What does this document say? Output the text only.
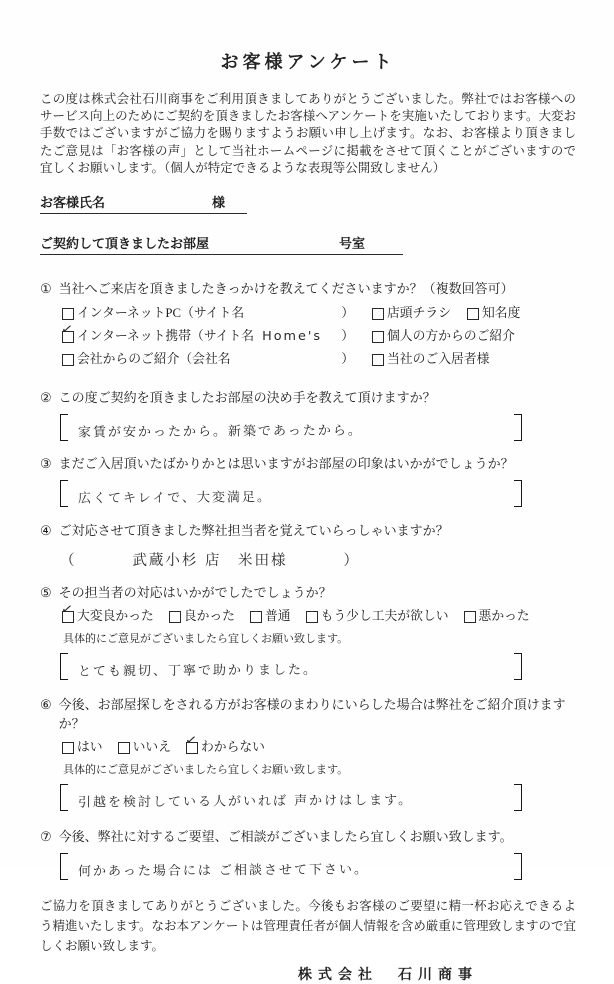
お客様アンケート

この度は株式会社石川商事をご利用頂きましてありがとうございました。弊社ではお客様へのサービス向上のためにご契約を頂きましたお客様へアンケートを実施いたしております。大変お手数ではございますがご協力を賜りますようお願い申し上げます。なお、お客様より頂きましたご意見は「お客様の声」として当社ホームページに掲載をさせて頂くことがございますので宜しくお願いします。（個人が特定できるような表現等公開致しません）

お客様氏名	様
ご契約して頂きましたお部屋	号室
① 当社へご来店を頂きましたきっかけを教えてくださいますか？（複数回答可）
インターネットPC（サイト名	）	店頭チラシ 知名度
✓ インターネット携帯（サイト名 Home's	）	個人の方からのご紹介
会社からのご紹介（会社名	）	当社のご入居者様
② この度ご契約を頂きましたお部屋の決め手を教えて頂けますか？
家賃が安かったから。新築であったから。
③ まだご入居頂いたばかりかとは思いますがお部屋の印象はいかがでしょうか？
広くてキレイで、大変満足。
④ ご対応させて頂きました弊社担当者を覚えていらっしゃいますか？
（	武蔵小杉 店　米田様	）
⑤ その担当者の対応はいかがでしたでしょうか？
✓ 大変良かった 良かった 普通 もう少し工夫が欲しい 悪かった
具体的にご意見がございましたら宜しくお願い致します。
とても親切、丁寧で助かりました。
⑥ 今後、お部屋探しをされる方がお客様のまわりにいらした場合は弊社をご紹介頂けますか？
はい いいえ ✓ わからない
具体的にご意見がございましたら宜しくお願い致します。
引越を検討している人がいれば 声かけはします。
⑦ 今後、弊社に対するご要望、ご相談がございましたら宜しくお願い致します。
何かあった場合には ご相談させて下さい。

ご協力を頂きましてありがとうございました。今後もお客様のご要望に精一杯お応えできるよう精進いたします。なお本アンケートは管理責任者が個人情報を含め厳重に管理致しますので宜しくお願い致します。

株式会社　石川商事
